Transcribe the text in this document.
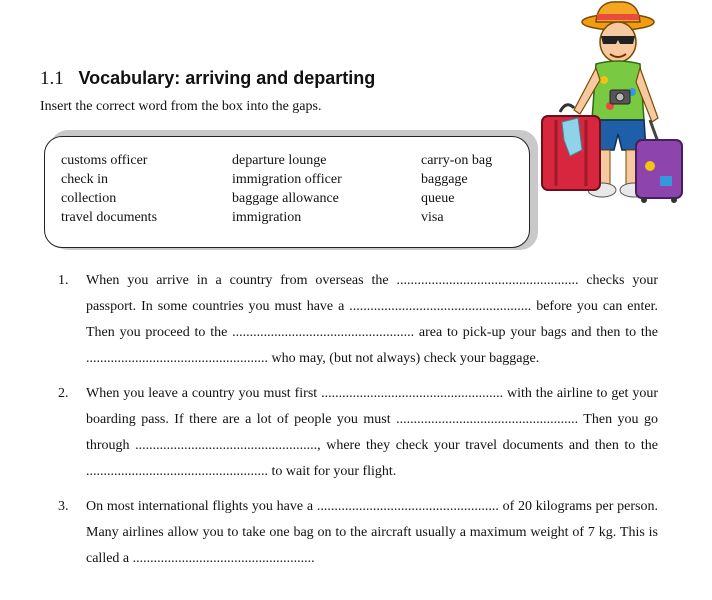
1.1 Vocabulary: arriving and departing
Insert the correct word from the box into the gaps.
customs officer	departure lounge	carry-on bag
check in	immigration officer	baggage
collection	baggage allowance	queue
travel documents	immigration	visa
1. When you arrive in a country from overseas the .................................................... checks your passport. In some countries you must have a .................................................... before you can enter. Then you proceed to the .................................................... area to pick-up your bags and then to the .................................................... who may, (but not always) check your baggage.

2. When you leave a country you must first .................................................... with the airline to get your boarding pass. If there are a lot of people you must .................................................... Then you go through ...................................................., where they check your travel documents and then to the .................................................... to wait for your flight.

3. On most international flights you have a .................................................... of 20 kilograms per person. Many airlines allow you to take one bag on to the aircraft usually a maximum weight of 7 kg. This is called a ....................................................
